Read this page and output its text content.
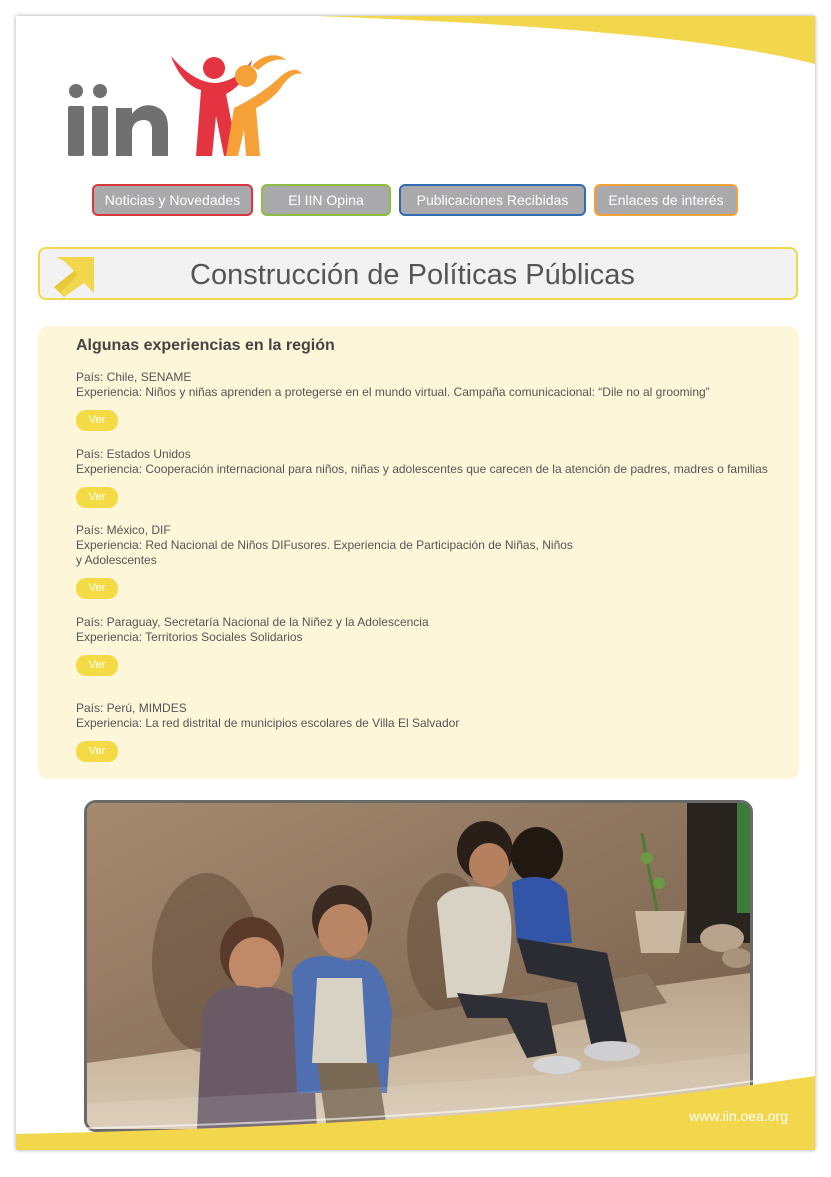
Noticias y Novedades	El IIN Opina	Publicaciones Recibidas	Enlaces de interés
Construcción de Políticas Públicas
Algunas experiencias en la región
País: Chile, SENAME
Experiencia: Niños y niñas aprenden a protegerse en el mundo virtual. Campaña comunicacional: “Dile no al grooming”
Ver
País: Estados Unidos
Experiencia: Cooperación internacional para niños, niñas y adolescentes que carecen de la atención de padres, madres o familias
Ver
País: México, DIF
Experiencia: Red Nacional de Niños DIFusores. Experiencia de Participación de Niñas, Niños
y Adolescentes
Ver
País: Paraguay, Secretaría Nacional de la Niñez y la Adolescencia
Experiencia: Territorios Sociales Solidarios
Ver
País: Perú, MIMDES
Experiencia: La red distrital de municipios escolares de Villa El Salvador
Ver
www.iin.oea.org
